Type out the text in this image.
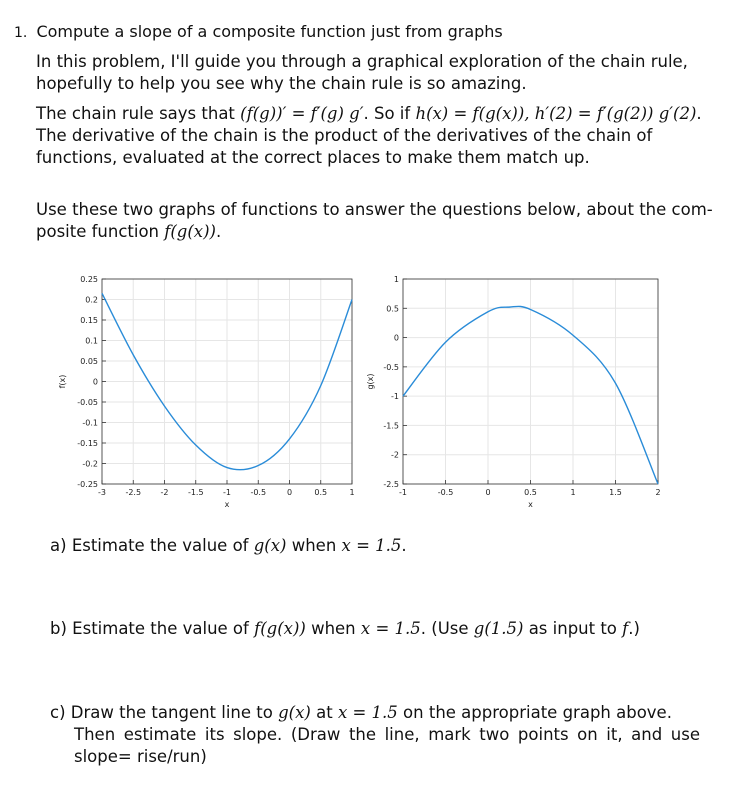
1. Compute a slope of a composite function just from graphs
In this problem, I'll guide you through a graphical exploration of the chain rule, hopefully to help you see why the chain rule is so amazing.
The chain rule says that (f(g))′ = f′(g) g′. So if h(x) = f(g(x)), h′(2) = f′(g(2)) g′(2). The derivative of the chain is the product of the derivatives of the chain of functions, evaluated at the correct places to make them match up.
Use these two graphs of functions to answer the questions below, about the com-posite function f(g(x)).
-3 -2.5 -2 -1.5 -1 -0.5	0	0.5	1
0.25
0.2
0.15
0.1
0.05
0
-0.05
-0.1
-0.15
-0.2
-0.25
x
f(x)
-1	-0.5	0	0.5	1	1.5	2
1
0.5
0
-0.5
-1
-1.5
-2
-2.5
x
g(x)
a) Estimate the value of g(x) when x = 1.5.
b) Estimate the value of f(g(x)) when x = 1.5. (Use g(1.5) as input to f.)
c) Draw the tangent line to g(x) at x = 1.5 on the appropriate graph above.
Then estimate its slope. (Draw the line, mark two points on it, and use slope= rise/run)
